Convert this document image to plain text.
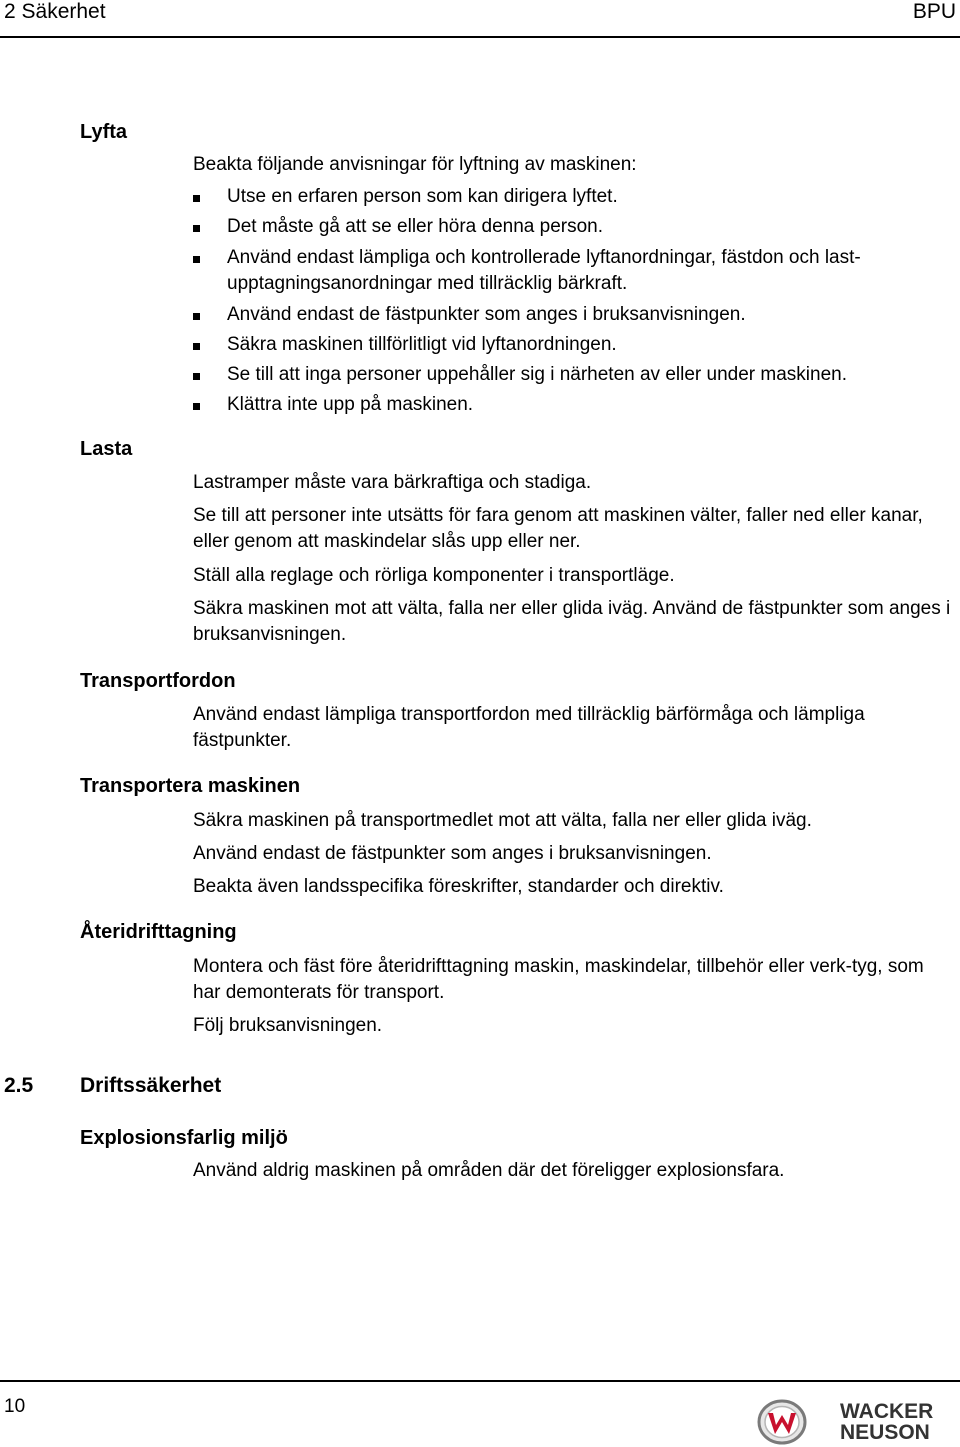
2 Säkerhet	BPU
Lyfta
Beakta följande anvisningar för lyftning av maskinen:
Utse en erfaren person som kan dirigera lyftet.
Det måste gå att se eller höra denna person.
Använd endast lämpliga och kontrollerade lyftanordningar, fästdon och last-upptagningsanordningar med tillräcklig bärkraft.
Använd endast de fästpunkter som anges i bruksanvisningen.
Säkra maskinen tillförlitligt vid lyftanordningen.
Se till att inga personer uppehåller sig i närheten av eller under maskinen.
Klättra inte upp på maskinen.
Lasta
Lastramper måste vara bärkraftiga och stadiga.
Se till att personer inte utsätts för fara genom att maskinen välter, faller ned eller kanar, eller genom att maskindelar slås upp eller ner.
Ställ alla reglage och rörliga komponenter i transportläge.
Säkra maskinen mot att välta, falla ner eller glida iväg. Använd de fästpunkter som anges i bruksanvisningen.
Transportfordon
Använd endast lämpliga transportfordon med tillräcklig bärförmåga och lämpliga fästpunkter.
Transportera maskinen
Säkra maskinen på transportmedlet mot att välta, falla ner eller glida iväg.
Använd endast de fästpunkter som anges i bruksanvisningen.
Beakta även landsspecifika föreskrifter, standarder och direktiv.
Återidrifttagning
Montera och fäst före återidrifttagning maskin, maskindelar, tillbehör eller verk-tyg, som har demonterats för transport.
Följ bruksanvisningen.
2.5 Driftssäkerhet
Explosionsfarlig miljö
Använd aldrig maskinen på områden där det föreligger explosionsfara.
10	WACKER
NEUSON
